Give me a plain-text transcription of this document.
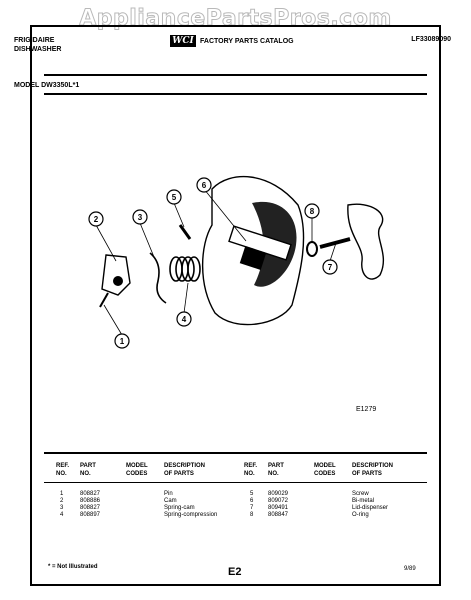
AppliancePartsPros.com
FRIGIDAIRE
DISHWASHER
WCI FACTORY PARTS CATALOG	LF33089090
MODEL DW3350L*1
1
2	3
4
5
6
7
8
E1279
REF.
NO.
PART
NO.
MODEL
CODES
DESCRIPTION
OF PARTS
REF.
NO.
PART
NO.
MODEL
CODES
DESCRIPTION
OF PARTS
1	808827	Pin
2	808886	Cam
3	808827	Spring-cam
4	808897	Spring-compression
5 809029	Screw
6 809072	Bi-metal
7 809491	Lid-dispenser
8 808847	O-ring
* = Not Illustrated	E2	9/89
